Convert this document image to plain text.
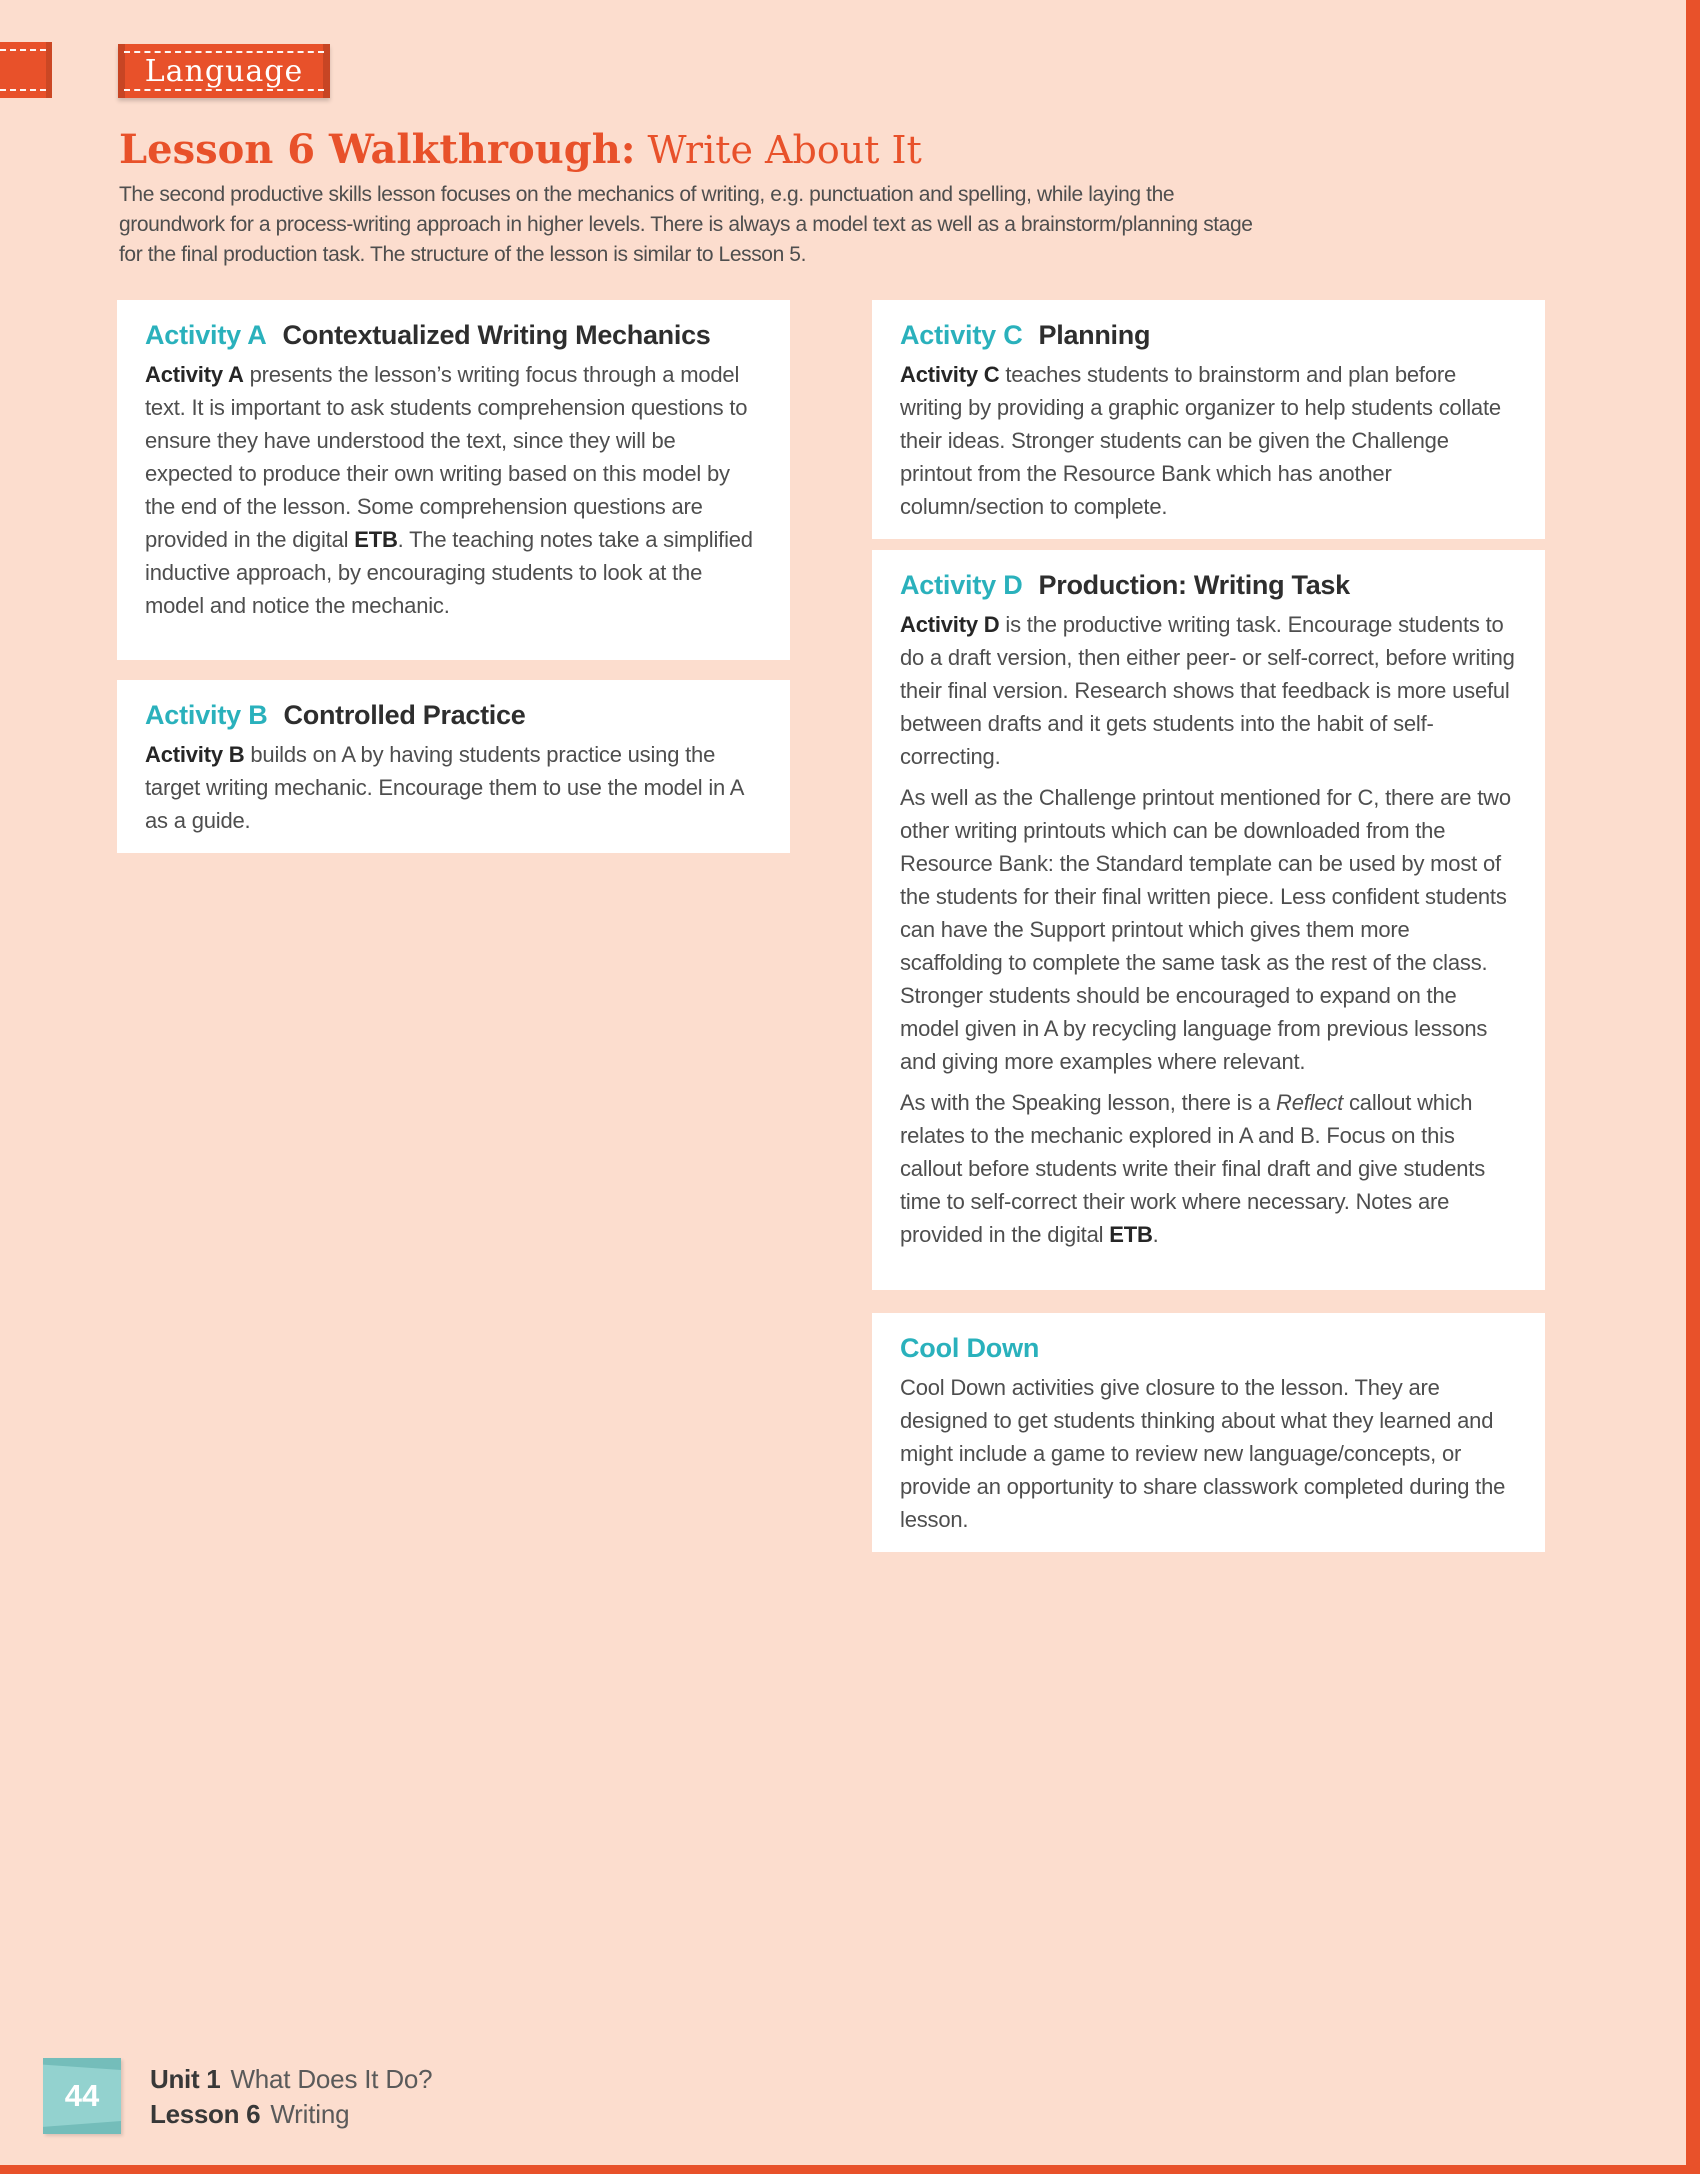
Language
Lesson 6 Walkthrough: Write About It

The second productive skills lesson focuses on the mechanics of writing, e.g. punctuation and spelling, while laying the groundwork for a process-writing approach in higher levels. There is always a model text as well as a brainstorm/planning stage for the final production task. The structure of the lesson is similar to Lesson 5.

Activity A Contextualized Writing Mechanics

Activity A presents the lesson’s writing focus through a model text. It is important to ask students comprehension questions to ensure they have understood the text, since they will be expected to produce their own writing based on this model by the end of the lesson. Some comprehension questions are provided in the digital ETB. The teaching notes take a simplified inductive approach, by encouraging students to look at the model and notice the mechanic.

Activity B Controlled Practice

Activity B builds on A by having students practice using the target writing mechanic. Encourage them to use the model in A as a guide.

Activity C Planning

Activity C teaches students to brainstorm and plan before writing by providing a graphic organizer to help students collate their ideas. Stronger students can be given the Challenge printout from the Resource Bank which has another column/section to complete.

Activity D Production: Writing Task

Activity D is the productive writing task. Encourage students to do a draft version, then either peer- or self-correct, before writing their final version. Research shows that feedback is more useful between drafts and it gets students into the habit of self-correcting.

As well as the Challenge printout mentioned for C, there are two other writing printouts which can be downloaded from the Resource Bank: the Standard template can be used by most of the students for their final written piece. Less confident students can have the Support printout which gives them more scaffolding to complete the same task as the rest of the class. Stronger students should be encouraged to expand on the model given in A by recycling language from previous lessons and giving more examples where relevant.

As with the Speaking lesson, there is a Reflect callout which relates to the mechanic explored in A and B. Focus on this callout before students write their final draft and give students time to self-correct their work where necessary. Notes are provided in the digital ETB.

Cool Down

Cool Down activities give closure to the lesson. They are designed to get students thinking about what they learned and might include a game to review new language/concepts, or provide an opportunity to share classwork completed during the lesson.

44 Unit 1 What Does It Do?
Lesson 6 Writing
